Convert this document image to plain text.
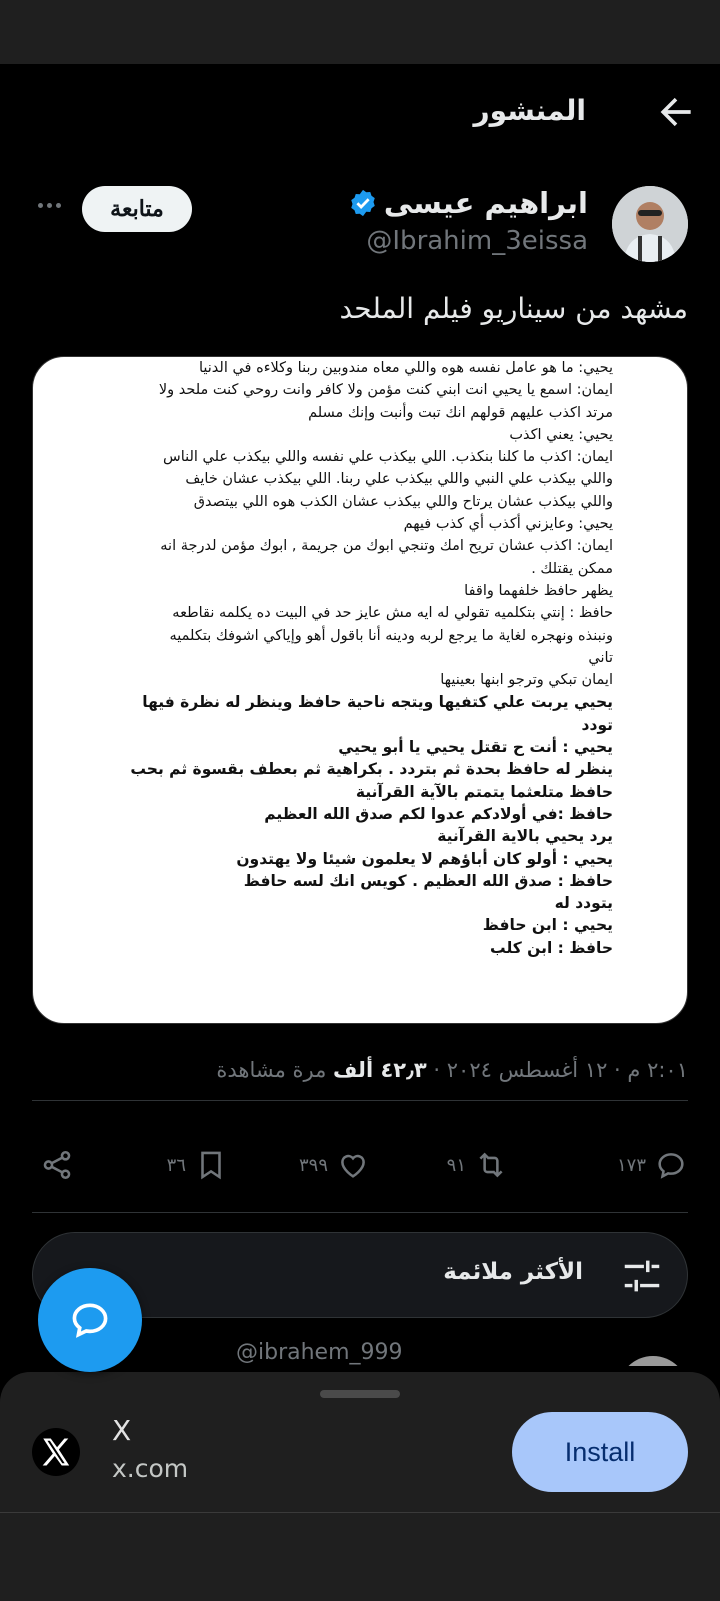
المنشور
ابراهيم عيسى
@Ibrahim_3eissa
متابعة
مشهد من سيناريو فيلم الملحد
يحيي: ما هو عامل نفسه هوه واللي معاه مندوبين ربنا وكلاءه في الدنيا
ايمان: اسمع يا يحيي انت ابني كنت مؤمن ولا كافر وانت روحي كنت ملحد ولا
مرتد اكذب عليهم قولهم انك تبت وأنبت وإنك مسلم
يحيي: يعني اكذب
ايمان: اكذب ما كلنا بنكذب. اللي بيكذب علي نفسه واللي بيكذب علي الناس
واللي بيكذب علي النبي واللي بيكذب علي ربنا. اللي بيكذب عشان خايف
واللي بيكذب عشان يرتاح واللي بيكذب عشان الكذب هوه اللي بيتصدق
يحيي: وعايزني أكذب أي كذب فيهم
ايمان: اكذب عشان تريح امك وتنجي ابوك من جريمة , ابوك مؤمن لدرجة انه
ممكن يقتلك .
يظهر حافظ خلفهما واقفا
حافظ : إنتي بتكلميه تقولي له ايه مش عايز حد في البيت ده يكلمه نقاطعه
ونبنذه ونهجره لغاية ما يرجع لربه ودينه أنا باقول أهو وإياكي اشوفك بتكلميه
تاني
ايمان تبكي وترجو ابنها بعينيها
يحيي يربت علي كتفيها ويتجه ناحية حافظ وينظر له نظرة فيها
تودد
يحيي : أنت ح تقتل يحيي يا أبو يحيي
ينظر له حافظ بحدة ثم بتردد . بكراهية ثم بعطف بقسوة ثم بحب
حافظ متلعثما يتمتم بالآية القرآنية
حافظ :في أولادكم عدوا لكم صدق الله العظيم
يرد يحيي بالاية القرآنية
يحيي : أولو كان أباؤهم لا يعلمون شيئا ولا يهتدون
حافظ : صدق الله العظيم . كويس انك لسه حافظ
يتودد له
يحيي : ابن حافظ
حافظ : ابن كلب
٢:٠١ م · ١٢ أغسطس ٢٠٢٤ · ٤٢٫٣ ألف مرة مشاهدة
١٧٣
٩١
٣٩٩
٣٦
الأكثر ملائمة
@ibrahem_999
X
x.com
Install
